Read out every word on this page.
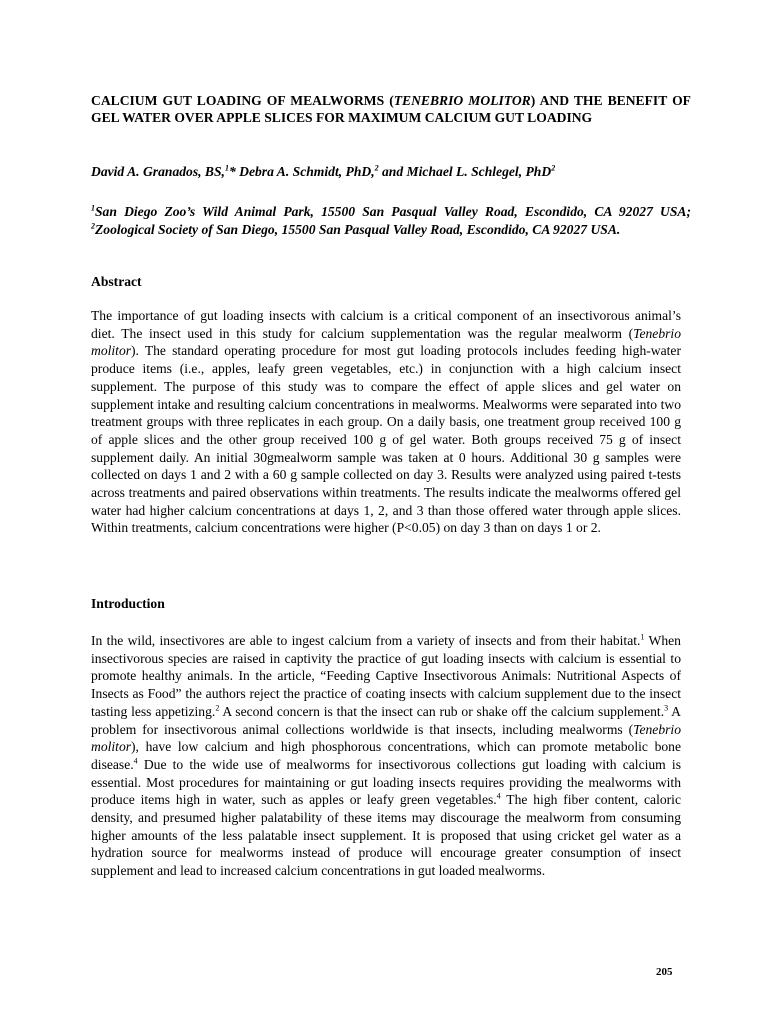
CALCIUM GUT LOADING OF MEALWORMS (TENEBRIO MOLITOR) AND THE BENEFIT OF GEL WATER OVER APPLE SLICES FOR MAXIMUM CALCIUM GUT LOADING
David A. Granados, BS,$^1$* Debra A. Schmidt, PhD,$^2$ and Michael L. Schlegel, PhD$^2$
$^1$San Diego Zoo’s Wild Animal Park, 15500 San Pasqual Valley Road, Escondido, CA 92027 USA; $^2$Zoological Society of San Diego, 15500 San Pasqual Valley Road, Escondido, CA 92027 USA.
Abstract
The importance of gut loading insects with calcium is a critical component of an insectivorous animal’s diet. The insect used in this study for calcium supplementation was the regular mealworm (Tenebrio molitor). The standard operating procedure for most gut loading protocols includes feeding high-water produce items (i.e., apples, leafy green vegetables, etc.) in conjunction with a high calcium insect supplement. The purpose of this study was to compare the effect of apple slices and gel water on supplement intake and resulting calcium concentrations in mealworms. Mealworms were separated into two treatment groups with three replicates in each group. On a daily basis, one treatment group received 100 g of apple slices and the other group received 100 g of gel water. Both groups received 75 g of insect supplement daily. An initial 30gmealworm sample was taken at 0 hours. Additional 30 g samples were collected on days 1 and 2 with a 60 g sample collected on day 3. Results were analyzed using paired t-tests across treatments and paired observations within treatments. The results indicate the mealworms offered gel water had higher calcium concentrations at days 1, 2, and 3 than those offered water through apple slices. Within treatments, calcium concentrations were higher (P<0.05) on day 3 than on days 1 or 2.
Introduction
In the wild, insectivores are able to ingest calcium from a variety of insects and from their habitat.$^1$ When insectivorous species are raised in captivity the practice of gut loading insects with calcium is essential to promote healthy animals. In the article, “Feeding Captive Insectivorous Animals: Nutritional Aspects of Insects as Food” the authors reject the practice of coating insects with calcium supplement due to the insect tasting less appetizing.$^2$ A second concern is that the insect can rub or shake off the calcium supplement.$^3$ A problem for insectivorous animal collections worldwide is that insects, including mealworms (Tenebrio molitor), have low calcium and high phosphorous concentrations, which can promote metabolic bone disease.$^4$ Due to the wide use of mealworms for insectivorous collections gut loading with calcium is essential. Most procedures for maintaining or gut loading insects requires providing the mealworms with produce items high in water, such as apples or leafy green vegetables.$^4$ The high fiber content, caloric density, and presumed higher palatability of these items may discourage the mealworm from consuming higher amounts of the less palatable insect supplement. It is proposed that using cricket gel water as a hydration source for mealworms instead of produce will encourage greater consumption of insect supplement and lead to increased calcium concentrations in gut loaded mealworms.
205
